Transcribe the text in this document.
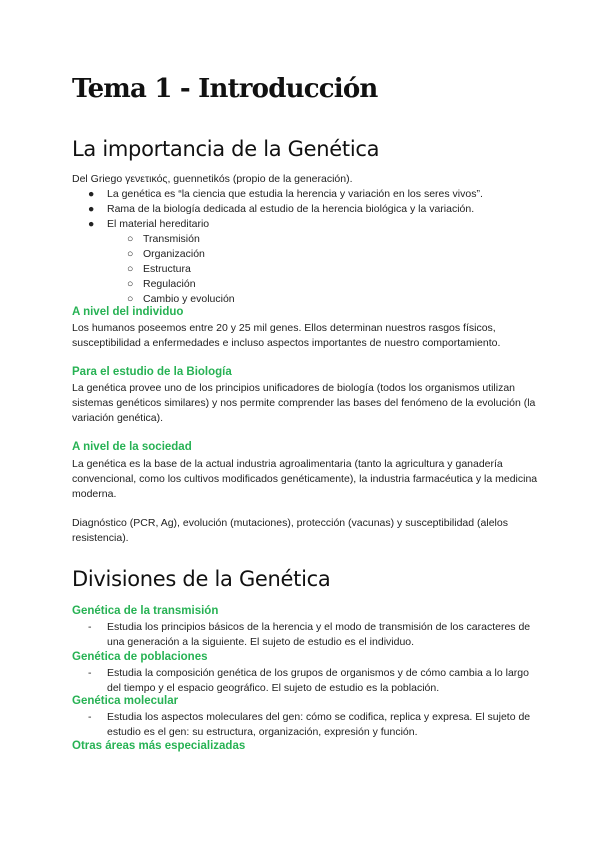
Tema 1 - Introducción
La importancia de la Genética
Del Griego γενετικός, guennetikós (propio de la generación).
● La genética es “la ciencia que estudia la herencia y variación en los seres vivos”.
● Rama de la biología dedicada al estudio de la herencia biológica y la variación.
● El material hereditario
○ Transmisión
○ Organización
○ Estructura
○ Regulación
○ Cambio y evolución
A nivel del individuo
Los humanos poseemos entre 20 y 25 mil genes. Ellos determinan nuestros rasgos físicos, susceptibilidad a enfermedades e incluso aspectos importantes de nuestro comportamiento.
Para el estudio de la Biología
La genética provee uno de los principios unificadores de biología (todos los organismos utilizan sistemas genéticos similares) y nos permite comprender las bases del fenómeno de la evolución (la variación genética).
A nivel de la sociedad
La genética es la base de la actual industria agroalimentaria (tanto la agricultura y ganadería convencional, como los cultivos modificados genéticamente), la industria farmacéutica y la medicina moderna.
Diagnóstico (PCR, Ag), evolución (mutaciones), protección (vacunas) y susceptibilidad (alelos resistencia).
Divisiones de la Genética
Genética de la transmisión
- Estudia los principios básicos de la herencia y el modo de transmisión de los caracteres de una generación a la siguiente. El sujeto de estudio es el individuo.
Genética de poblaciones
- Estudia la composición genética de los grupos de organismos y de cómo cambia a lo largo del tiempo y el espacio geográfico. El sujeto de estudio es la población.
Genética molecular
- Estudia los aspectos moleculares del gen: cómo se codifica, replica y expresa. El sujeto de estudio es el gen: su estructura, organización, expresión y función.
Otras áreas más especializadas
